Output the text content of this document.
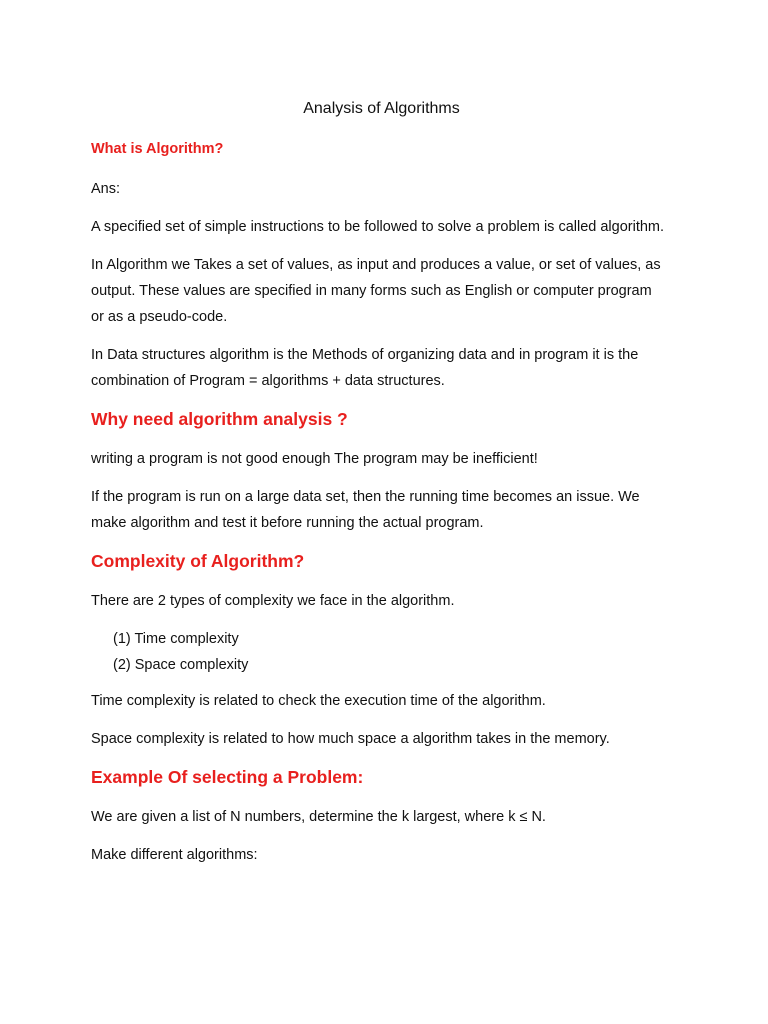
Analysis of Algorithms
What is Algorithm?

Ans:

A specified set of simple instructions to be followed to solve a problem is called algorithm.

In Algorithm we Takes a set of values, as input and produces a value, or set of values, as output. These values are specified in many forms such as English or computer program or as a pseudo-code.

In Data structures algorithm is the Methods of organizing data and in program it is the combination of Program = algorithms + data structures.

Why need algorithm analysis ?

writing a program is not good enough The program may be inefficient!

If the program is run on a large data set, then the running time becomes an issue. We make algorithm and test it before running the actual program.

Complexity of Algorithm?

There are 2 types of complexity we face in the algorithm.

(1) Time complexity
(2) Space complexity

Time complexity is related to check the execution time of the algorithm.

Space complexity is related to how much space a algorithm takes in the memory.

Example Of selecting a Problem:

We are given a list of N numbers, determine the k largest, where k ≤ N.

Make different algorithms:
